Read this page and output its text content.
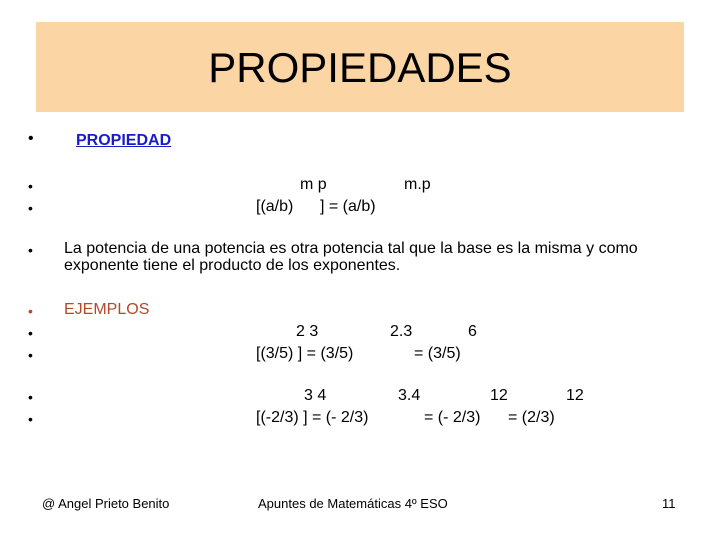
PROPIEDADES
•	PROPIEDAD
•
•
m p	m.p
[(a/b) ] = (a/b)
• La potencia de una potencia es otra potencia tal que la base es la misma y como exponente tiene el producto de los exponentes.
• EJEMPLOS
•
•
2 3	2.3	6
[(3/5) ] = (3/5)	= (3/5)
•
•
3 4	3.4	12	12
[(-2/3) ] = (- 2/3)	= (- 2/3) = (2/3)
@ Angel Prieto Benito	Apuntes de Matemáticas 4º ESO	11
